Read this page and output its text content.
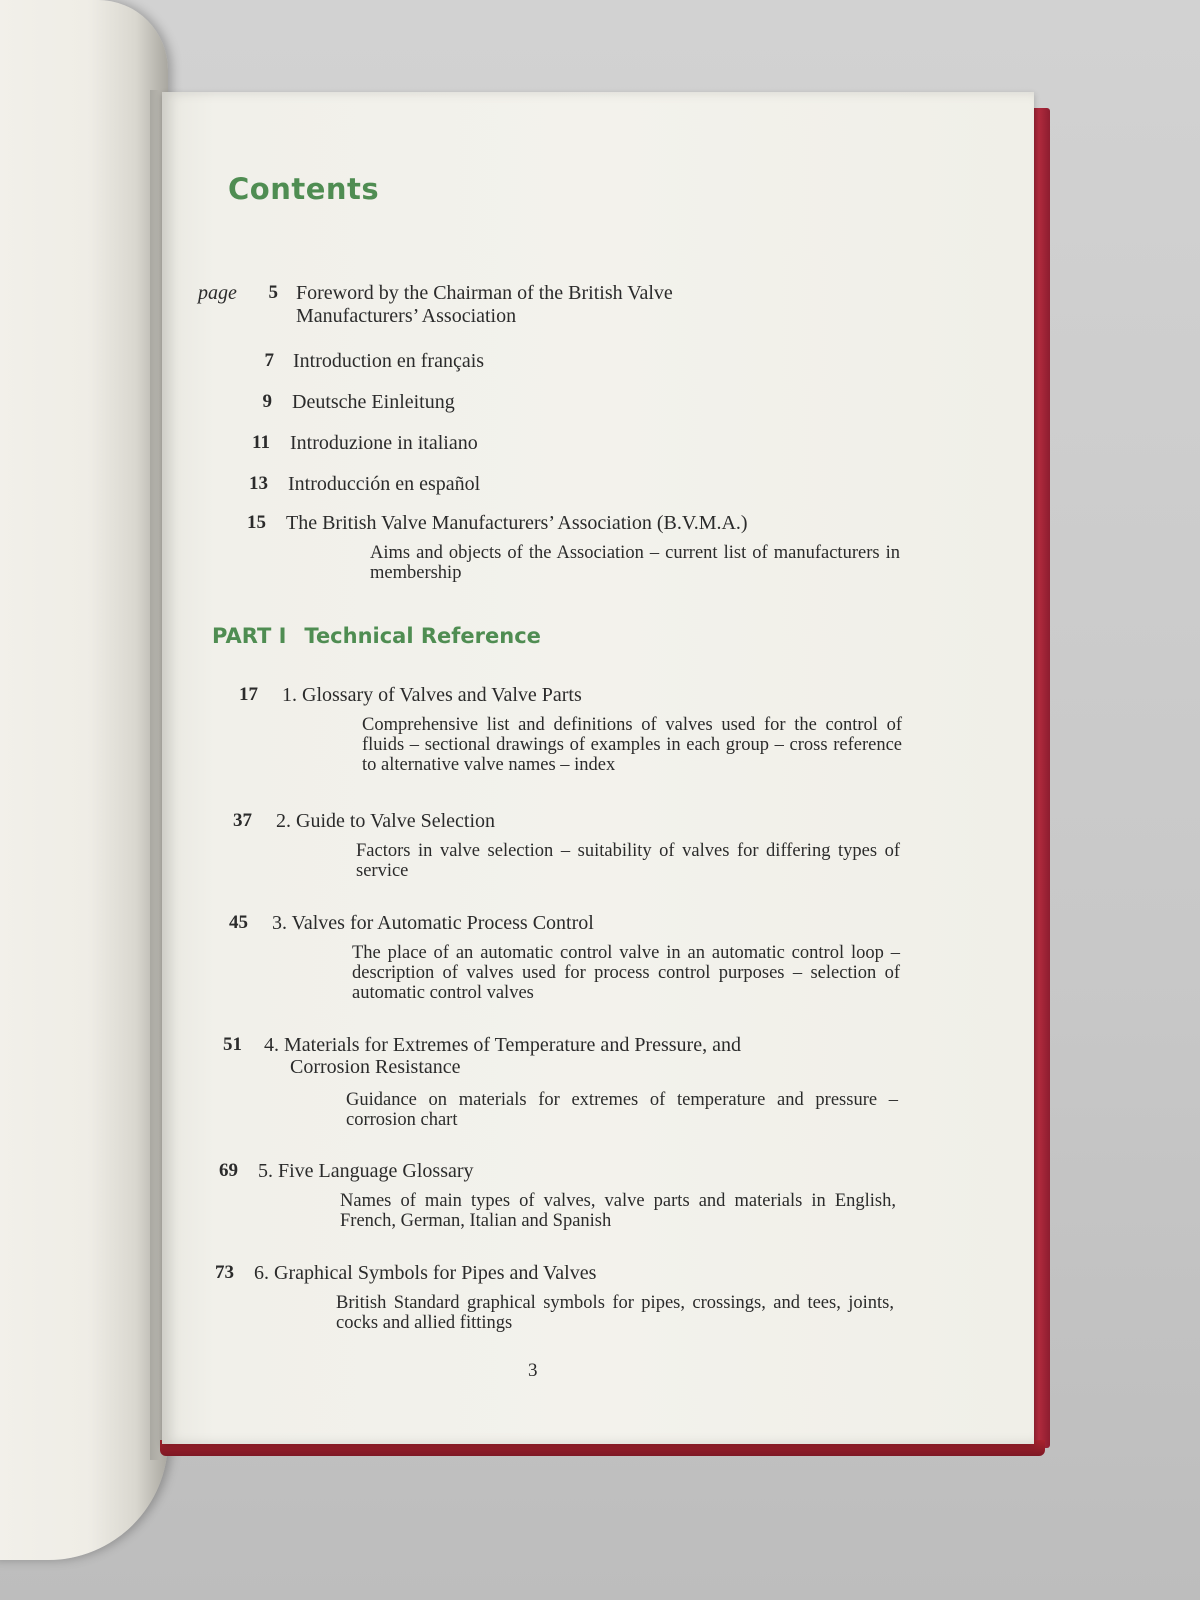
Contents
page	5 Foreword by the Chairman of the British Valve
Manufacturers’ Association
7 Introduction en français
9 Deutsche Einleitung
11 Introduzione in italiano
13 Introducción en español
15 The British Valve Manufacturers’ Association (B.V.M.A.)
Aims and objects of the Association – current list of manufacturers in membership
PART I Technical Reference
17 1. Glossary of Valves and Valve Parts
Comprehensive list and definitions of valves used for the control of fluids – sectional drawings of examples in each group – cross reference to alternative valve names – index
37 2. Guide to Valve Selection
Factors in valve selection – suitability of valves for differing types of service
45 3. Valves for Automatic Process Control
The place of an automatic control valve in an automatic control loop – description of valves used for process control purposes – selection of automatic control valves
51 4. Materials for Extremes of Temperature and Pressure, and
Corrosion Resistance
Guidance on materials for extremes of temperature and pressure – corrosion chart
69 5. Five Language Glossary
Names of main types of valves, valve parts and materials in English, French, German, Italian and Spanish
73 6. Graphical Symbols for Pipes and Valves
British Standard graphical symbols for pipes, crossings, and tees, joints, cocks and allied fittings
3
